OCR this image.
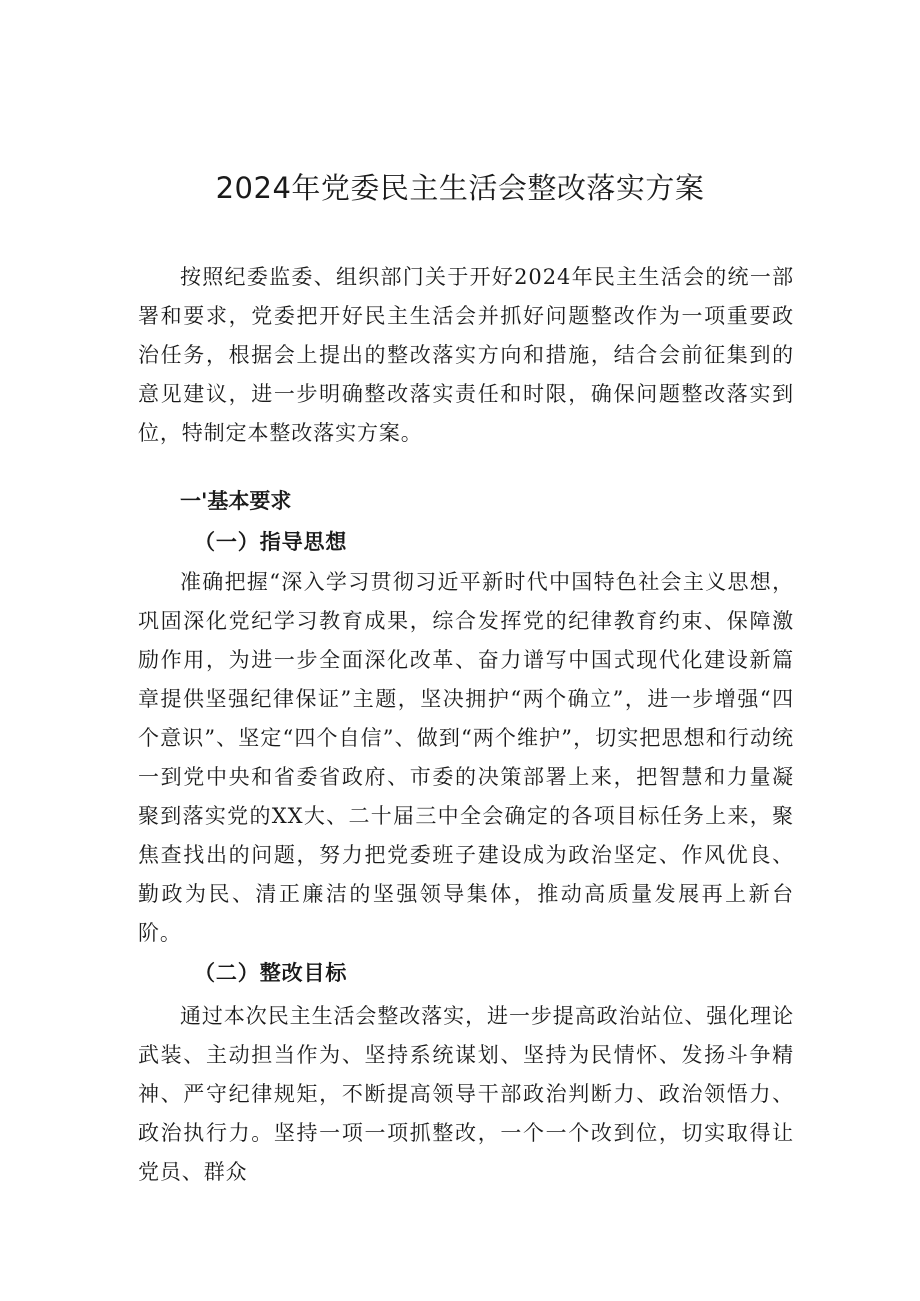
2024年党委民主生活会整改落实方案

按照纪委监委、组织部门关于开好2024年民主生活会的统一部署和要求，党委把开好民主生活会并抓好问题整改作为一项重要政治任务，根据会上提出的整改落实方向和措施，结合会前征集到的意见建议，进一步明确整改落实责任和时限，确保问题整改落实到位，特制定本整改落实方案。

一'基本要求
（一）指导思想

准确把握“深入学习贯彻习近平新时代中国特色社会主义思想，巩固深化党纪学习教育成果，综合发挥党的纪律教育约束、保障激励作用，为进一步全面深化改革、奋力谱写中国式现代化建设新篇章提供坚强纪律保证”主题，坚决拥护“两个确立”，进一步增强“四个意识”、坚定“四个自信”、做到“两个维护”，切实把思想和行动统一到党中央和省委省政府、市委的决策部署上来，把智慧和力量凝聚到落实党的XX大、二十届三中全会确定的各项目标任务上来，聚焦查找出的问题，努力把党委班子建设成为政治坚定、作风优良、勤政为民、清正廉洁的坚强领导集体，推动高质量发展再上新台阶。

（二）整改目标

通过本次民主生活会整改落实，进一步提高政治站位、强化理论武装、主动担当作为、坚持系统谋划、坚持为民情怀、发扬斗争精神、严守纪律规矩，不断提高领导干部政治判断力、政治领悟力、政治执行力。坚持一项一项抓整改，一个一个改到位，切实取得让党员、群众
